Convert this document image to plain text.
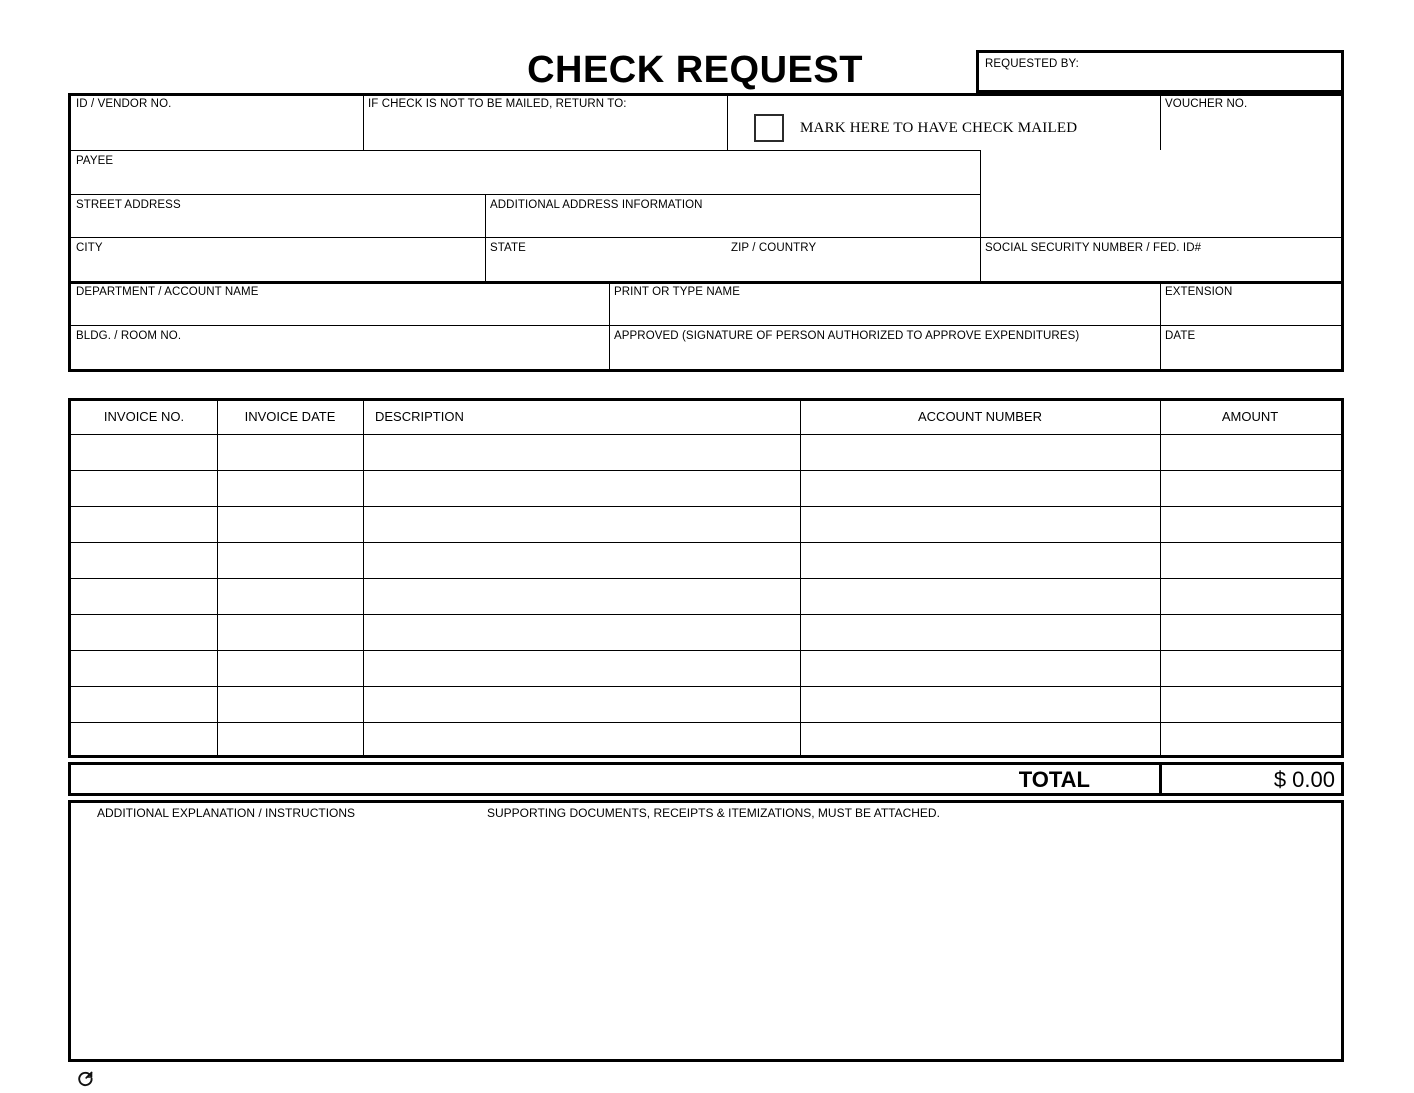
CHECK REQUEST	REQUESTED BY:
ID / VENDOR NO.	IF CHECK IS NOT TO BE MAILED, RETURN TO:	VOUCHER NO.
PAYEE
STREET ADDRESS	ADDITIONAL ADDRESS INFORMATION
CITY	STATE	ZIP / COUNTRY	SOCIAL SECURITY NUMBER / FED. ID#
DEPARTMENT / ACCOUNT NAME	PRINT OR TYPE NAME	EXTENSION
BLDG. / ROOM NO.	APPROVED (SIGNATURE OF PERSON AUTHORIZED TO APPROVE EXPENDITURES)	DATE
MARK HERE TO HAVE CHECK MAILED
INVOICE NO.	INVOICE DATE	DESCRIPTION	ACCOUNT NUMBER	AMOUNT
TOTAL	$ 0.00
ADDITIONAL EXPLANATION / INSTRUCTIONS	SUPPORTING DOCUMENTS, RECEIPTS & ITEMIZATIONS, MUST BE ATTACHED.
